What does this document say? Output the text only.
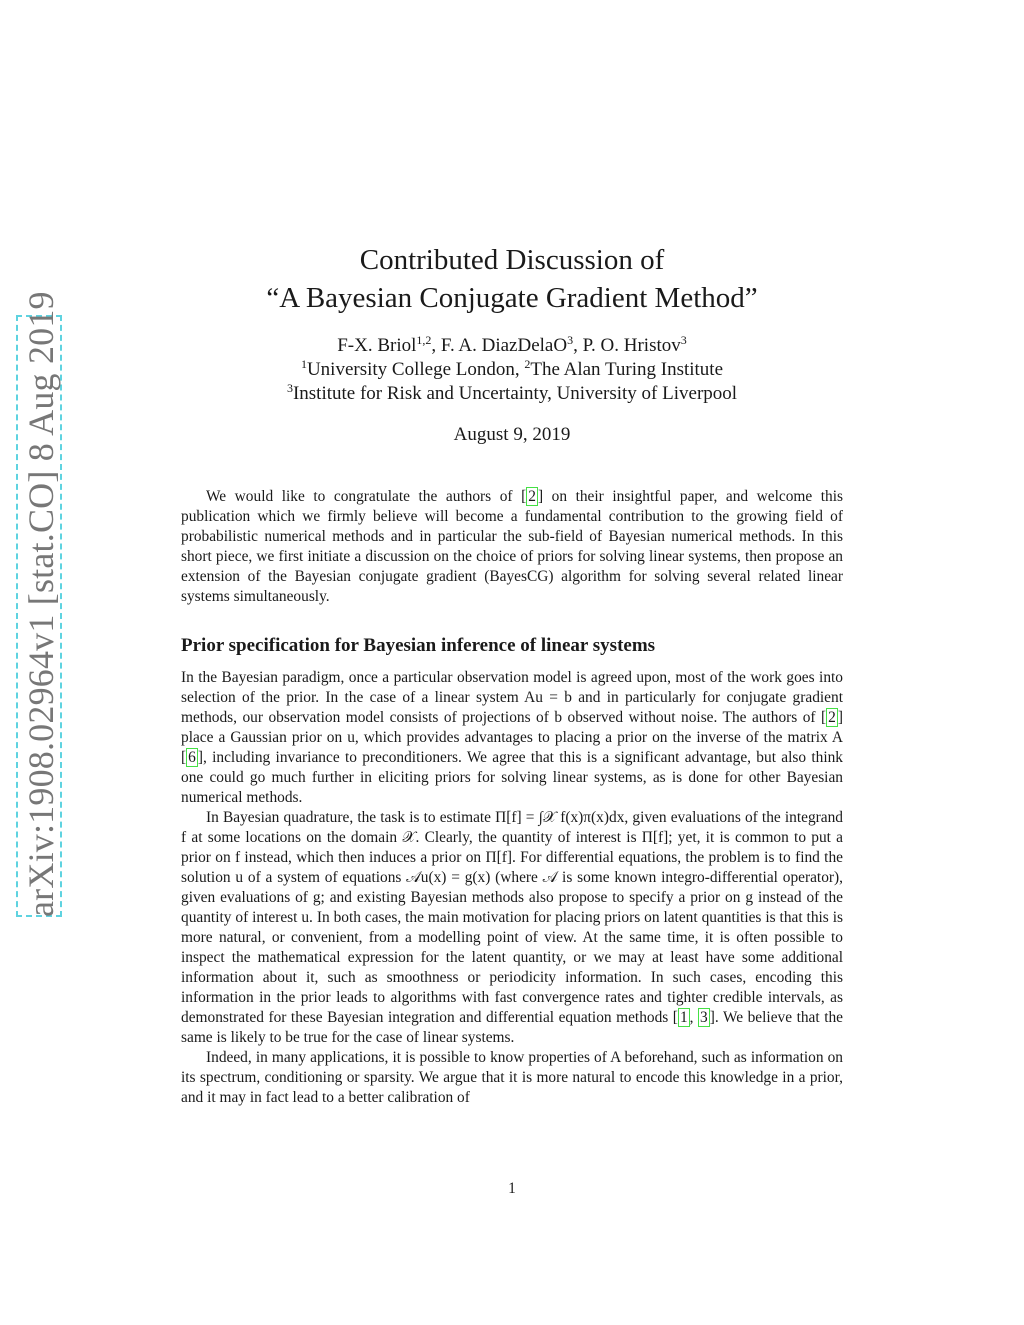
arXiv:1908.02964v1 [stat.CO] 8 Aug 2019
Contributed Discussion of
“A Bayesian Conjugate Gradient Method”
F-X. Briol$^{1,2}$, F. A. DiazDelaO$^3$, P. O. Hristov$^3$
$^1$University College London, $^2$The Alan Turing Institute
$^3$Institute for Risk and Uncertainty, University of Liverpool
August 9, 2019
We would like to congratulate the authors of [ 2 ] on their insightful paper, and welcome this publication which we firmly believe will become a fundamental contribution to the growing field of probabilistic numerical methods and in particular the sub-field of Bayesian numerical methods. In this short piece, we first initiate a discussion on the choice of priors for solving linear systems, then propose an extension of the Bayesian conjugate gradient (BayesCG) algorithm for solving several related linear systems simultaneously.
Prior specification for Bayesian inference of linear systems

In the Bayesian paradigm, once a particular observation model is agreed upon, most of the work goes into selection of the prior. In the case of a linear system Au = b and in particularly for conjugate gradient methods, our observation model consists of projections of b observed without noise. The authors of [ 2 ] place a Gaussian prior on u, which provides advantages to placing a prior on the inverse of the matrix A [ 6 ], including invariance to preconditioners. We agree that this is a significant advantage, but also think one could go much further in eliciting priors for solving linear systems, as is done for other Bayesian numerical methods.

In Bayesian quadrature, the task is to estimate Π[f] = ∫𝒳 f(x)π(x)dx, given evaluations of the integrand f at some locations on the domain 𝒳. Clearly, the quantity of interest is Π[f]; yet, it is common to put a prior on f instead, which then induces a prior on Π[f]. For differential equations, the problem is to find the solution u of a system of equations 𝒜u(x) = g(x) (where 𝒜 is some known integro-differential operator), given evaluations of g; and existing Bayesian methods also propose to specify a prior on g instead of the quantity of interest u. In both cases, the main motivation for placing priors on latent quantities is that this is more natural, or convenient, from a modelling point of view. At the same time, it is often possible to inspect the mathematical expression for the latent quantity, or we may at least have some additional information about it, such as smoothness or periodicity information. In such cases, encoding this information in the prior leads to algorithms with fast convergence rates and tighter credible intervals, as demonstrated for these Bayesian integration and differential equation methods [ 1 , 3 ]. We believe that the same is likely to be true for the case of linear systems.

Indeed, in many applications, it is possible to know properties of A beforehand, such as information on its spectrum, conditioning or sparsity. We argue that it is more natural to encode this knowledge in a prior, and it may in fact lead to a better calibration of

1
